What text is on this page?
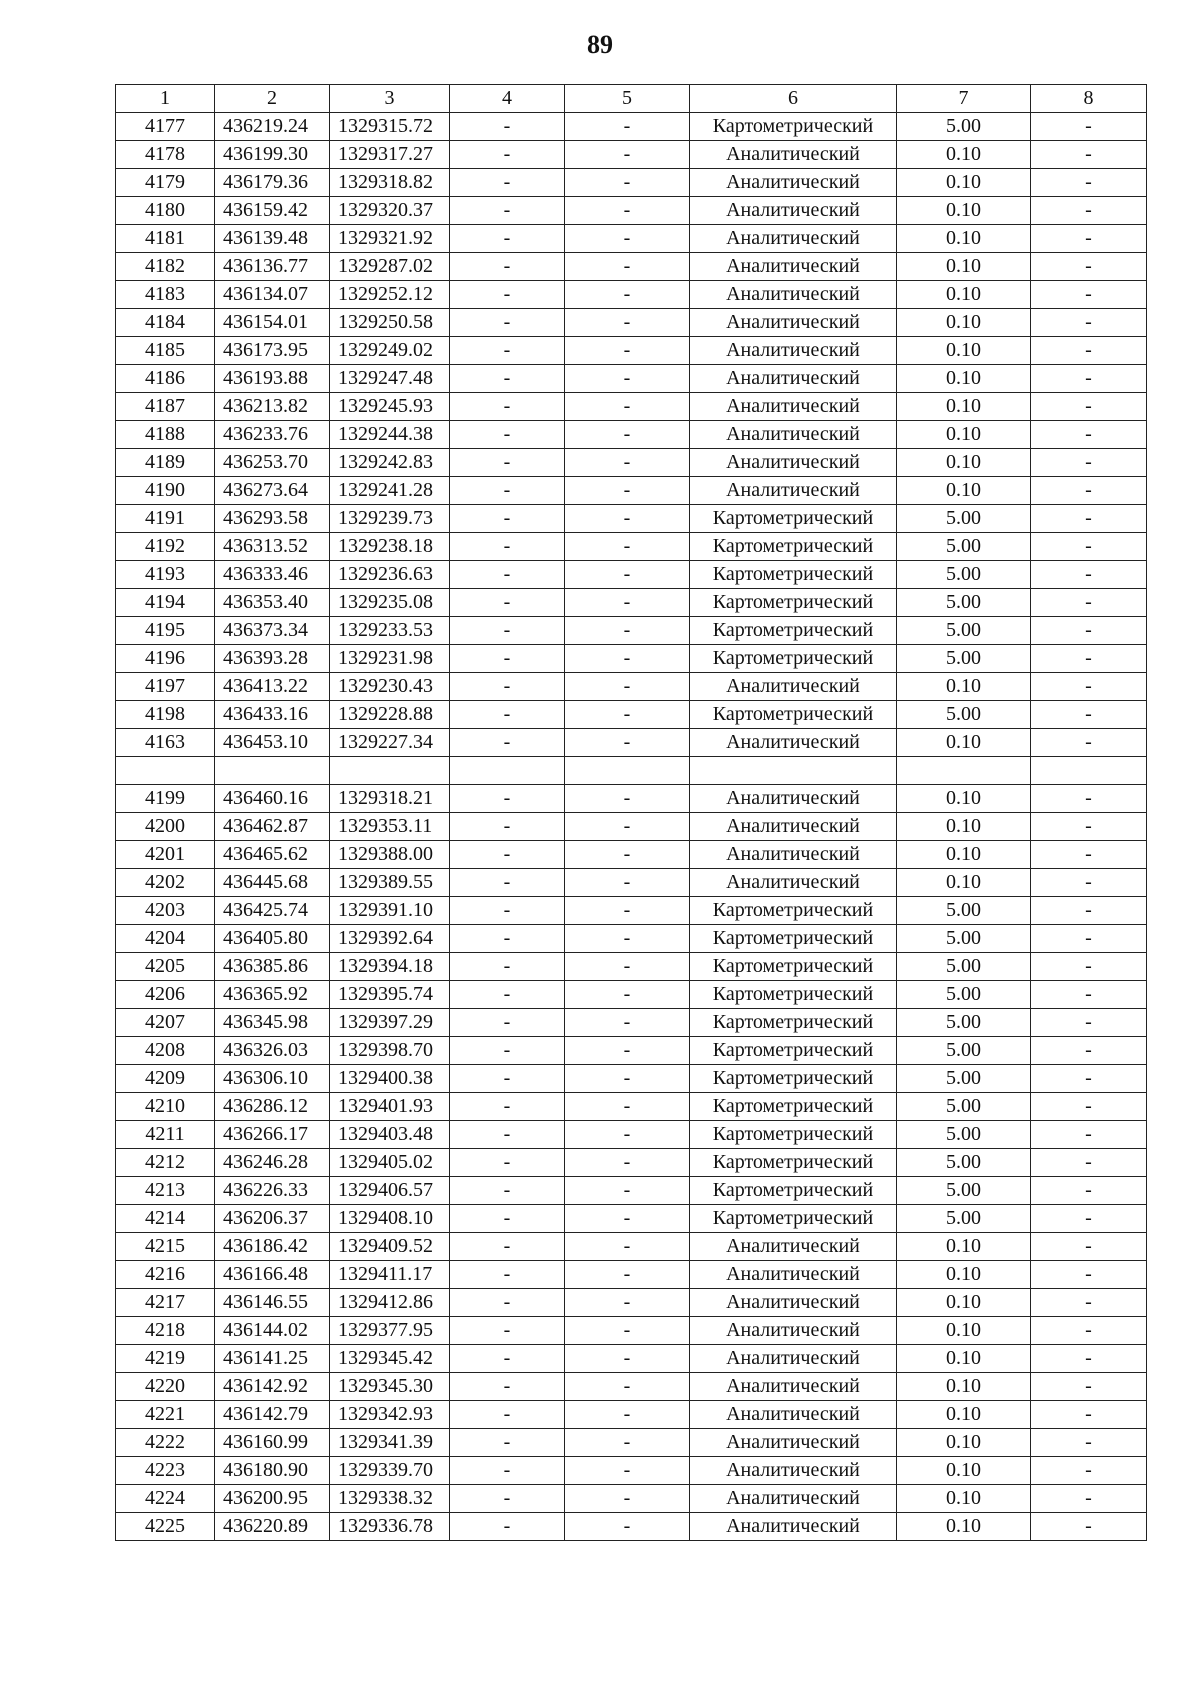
89
1	2	3	4	5	6	7	8
4177	436219.24	1329315.72	-	-	Картометрический	5.00	-
4178	436199.30	1329317.27	-	-	Аналитический	0.10	-
4179	436179.36	1329318.82	-	-	Аналитический	0.10	-
4180	436159.42	1329320.37	-	-	Аналитический	0.10	-
4181	436139.48	1329321.92	-	-	Аналитический	0.10	-
4182	436136.77	1329287.02	-	-	Аналитический	0.10	-
4183	436134.07	1329252.12	-	-	Аналитический	0.10	-
4184	436154.01	1329250.58	-	-	Аналитический	0.10	-
4185	436173.95	1329249.02	-	-	Аналитический	0.10	-
4186	436193.88	1329247.48	-	-	Аналитический	0.10	-
4187	436213.82	1329245.93	-	-	Аналитический	0.10	-
4188	436233.76	1329244.38	-	-	Аналитический	0.10	-
4189	436253.70	1329242.83	-	-	Аналитический	0.10	-
4190	436273.64	1329241.28	-	-	Аналитический	0.10	-
4191	436293.58	1329239.73	-	-	Картометрический	5.00	-
4192	436313.52	1329238.18	-	-	Картометрический	5.00	-
4193	436333.46	1329236.63	-	-	Картометрический	5.00	-
4194	436353.40	1329235.08	-	-	Картометрический	5.00	-
4195	436373.34	1329233.53	-	-	Картометрический	5.00	-
4196	436393.28	1329231.98	-	-	Картометрический	5.00	-
4197	436413.22	1329230.43	-	-	Аналитический	0.10	-
4198	436433.16	1329228.88	-	-	Картометрический	5.00	-
4163	436453.10	1329227.34	-	-	Аналитический	0.10	-

4199	436460.16	1329318.21	-	-	Аналитический	0.10	-
4200	436462.87	1329353.11	-	-	Аналитический	0.10	-
4201	436465.62	1329388.00	-	-	Аналитический	0.10	-
4202	436445.68	1329389.55	-	-	Аналитический	0.10	-
4203	436425.74	1329391.10	-	-	Картометрический	5.00	-
4204	436405.80	1329392.64	-	-	Картометрический	5.00	-
4205	436385.86	1329394.18	-	-	Картометрический	5.00	-
4206	436365.92	1329395.74	-	-	Картометрический	5.00	-
4207	436345.98	1329397.29	-	-	Картометрический	5.00	-
4208	436326.03	1329398.70	-	-	Картометрический	5.00	-
4209	436306.10	1329400.38	-	-	Картометрический	5.00	-
4210	436286.12	1329401.93	-	-	Картометрический	5.00	-
4211	436266.17	1329403.48	-	-	Картометрический	5.00	-
4212	436246.28	1329405.02	-	-	Картометрический	5.00	-
4213	436226.33	1329406.57	-	-	Картометрический	5.00	-
4214	436206.37	1329408.10	-	-	Картометрический	5.00	-
4215	436186.42	1329409.52	-	-	Аналитический	0.10	-
4216	436166.48	1329411.17	-	-	Аналитический	0.10	-
4217	436146.55	1329412.86	-	-	Аналитический	0.10	-
4218	436144.02	1329377.95	-	-	Аналитический	0.10	-
4219	436141.25	1329345.42	-	-	Аналитический	0.10	-
4220	436142.92	1329345.30	-	-	Аналитический	0.10	-
4221	436142.79	1329342.93	-	-	Аналитический	0.10	-
4222	436160.99	1329341.39	-	-	Аналитический	0.10	-
4223	436180.90	1329339.70	-	-	Аналитический	0.10	-
4224	436200.95	1329338.32	-	-	Аналитический	0.10	-
4225	436220.89	1329336.78	-	-	Аналитический	0.10	-
